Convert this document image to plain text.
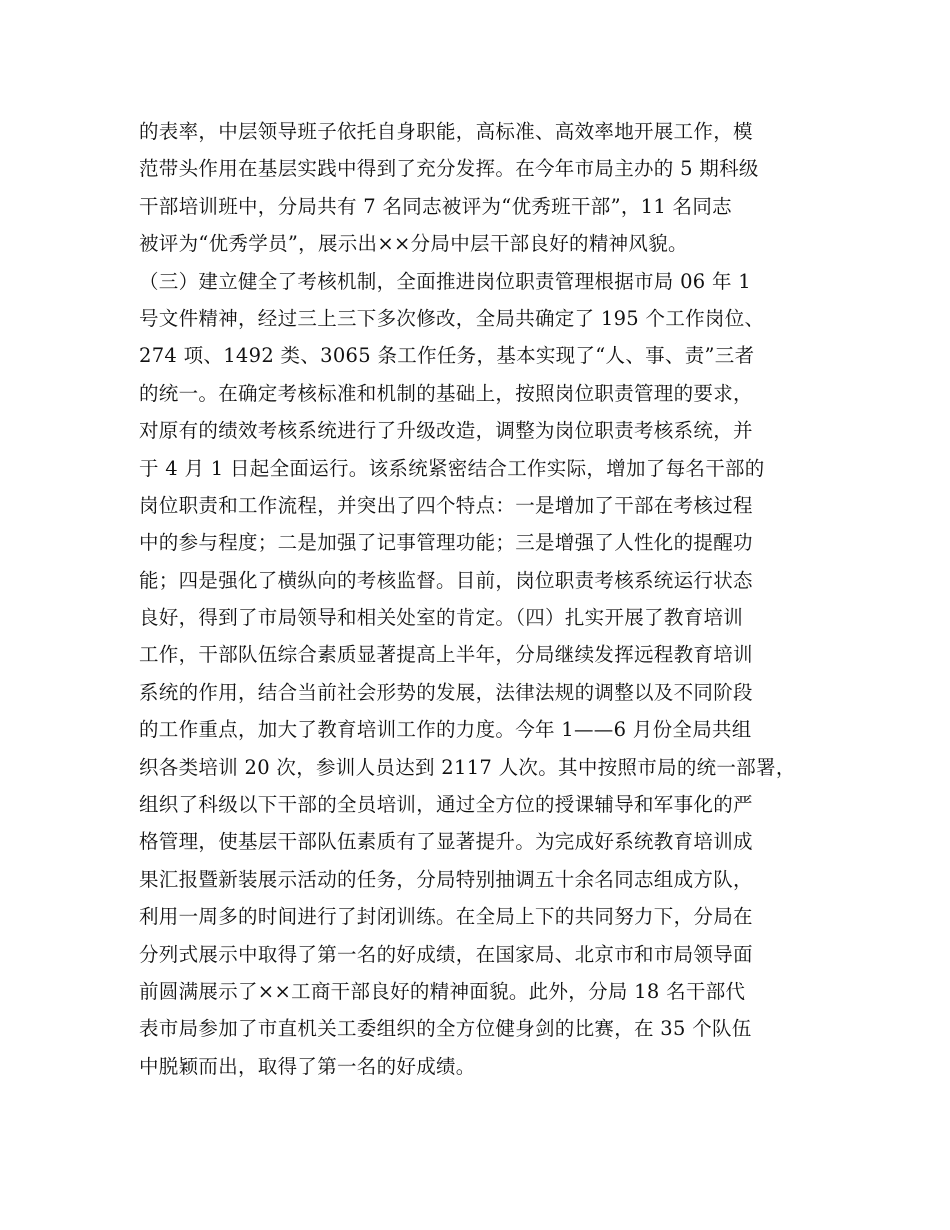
的表率，中层领导班子依托自身职能，高标准、高效率地开展工作，模
范带头作用在基层实践中得到了充分发挥。在今年市局主办的 5 期科级
干部培训班中，分局共有 7 名同志被评为“优秀班干部”，11 名同志
被评为“优秀学员”，展示出××分局中层干部良好的精神风貌。
（三）建立健全了考核机制，全面推进岗位职责管理根据市局 06 年 1
号文件精神，经过三上三下多次修改，全局共确定了 195 个工作岗位、
274 项、1492 类、3065 条工作任务，基本实现了“人、事、责”三者
的统一。在确定考核标准和机制的基础上，按照岗位职责管理的要求，
对原有的绩效考核系统进行了升级改造，调整为岗位职责考核系统，并
于 4 月 1 日起全面运行。该系统紧密结合工作实际，增加了每名干部的
岗位职责和工作流程，并突出了四个特点：一是增加了干部在考核过程
中的参与程度；二是加强了记事管理功能；三是增强了人性化的提醒功
能；四是强化了横纵向的考核监督。目前，岗位职责考核系统运行状态
良好，得到了市局领导和相关处室的肯定。（四）扎实开展了教育培训
工作，干部队伍综合素质显著提高上半年，分局继续发挥远程教育培训
系统的作用，结合当前社会形势的发展，法律法规的调整以及不同阶段
的工作重点，加大了教育培训工作的力度。今年 1——6 月份全局共组
织各类培训 20 次，参训人员达到 2117 人次。其中按照市局的统一部署，
组织了科级以下干部的全员培训，通过全方位的授课辅导和军事化的严
格管理，使基层干部队伍素质有了显著提升。为完成好系统教育培训成
果汇报暨新装展示活动的任务，分局特别抽调五十余名同志组成方队，
利用一周多的时间进行了封闭训练。在全局上下的共同努力下，分局在
分列式展示中取得了第一名的好成绩，在国家局、北京市和市局领导面
前圆满展示了××工商干部良好的精神面貌。此外，分局 18 名干部代
表市局参加了市直机关工委组织的全方位健身剑的比赛，在 35 个队伍
中脱颖而出，取得了第一名的好成绩。
